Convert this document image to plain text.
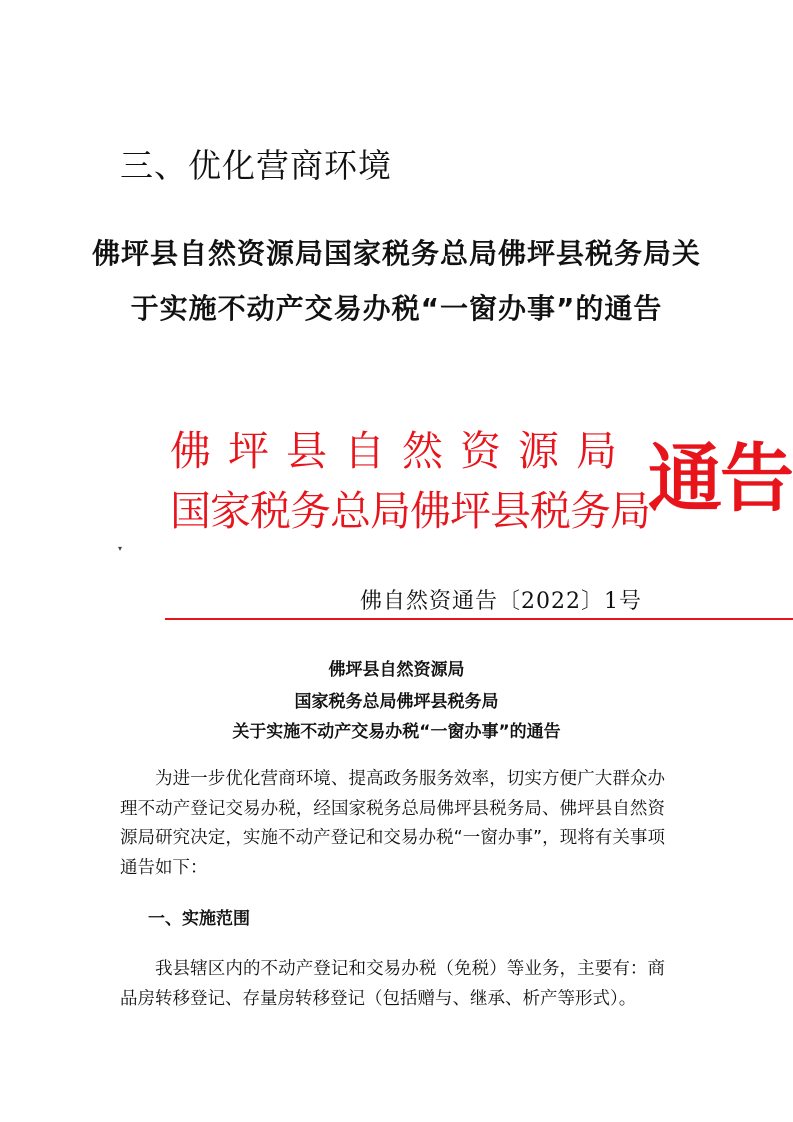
三、优化营商环境
佛坪县自然资源局国家税务总局佛坪县税务局关于实施不动产交易办税“一窗办事”的通告
佛坪县自然资源局
国家税务总局佛坪县税务局
通告
▾
佛自然资通告〔2022〕1号
佛坪县自然资源局
国家税务总局佛坪县税务局
关于实施不动产交易办税“一窗办事”的通告

为进一步优化营商环境、提高政务服务效率，切实方便广大群众办理不动产登记交易办税，经国家税务总局佛坪县税务局、佛坪县自然资源局研究决定，实施不动产登记和交易办税“一窗办事”，现将有关事项通告如下：

一、实施范围

我县辖区内的不动产登记和交易办税（免税）等业务，主要有：商品房转移登记、存量房转移登记（包括赠与、继承、析产等形式）。
